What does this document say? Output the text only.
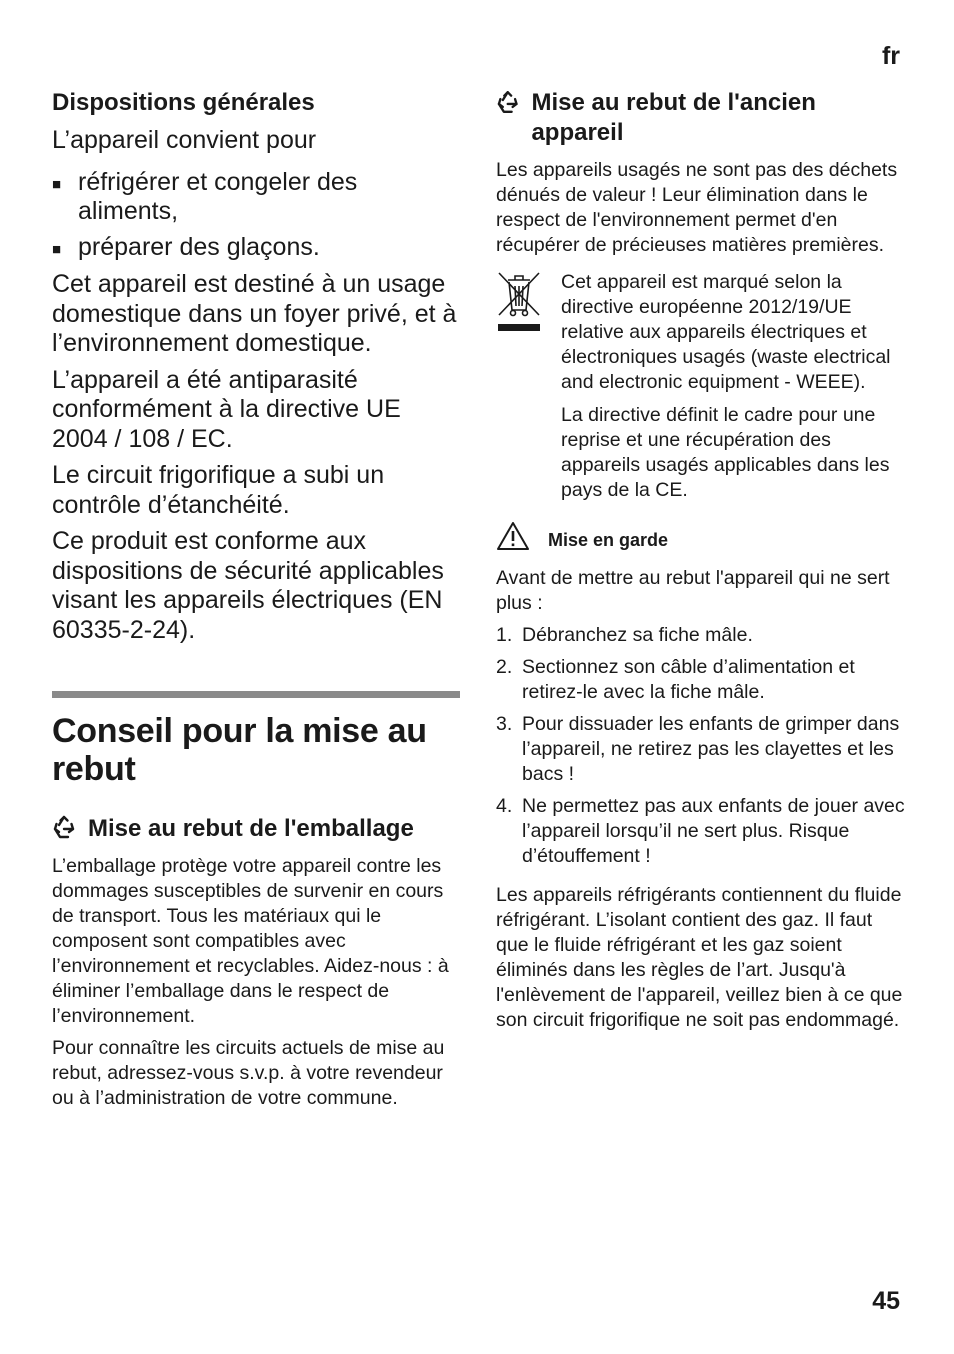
fr
Dispositions générales

L’appareil convient pour

■ réfrigérer et congeler des aliments,
■ préparer des glaçons.

Cet appareil est destiné à un usage domestique dans un foyer privé, et à l’environnement domestique.

L’appareil a été antiparasité conformément à la directive UE 2004 / 108 / EC.

Le circuit frigorifique a subi un contrôle d’étanchéité.

Ce produit est conforme aux dispositions de sécurité applicables visant les appareils électriques (EN 60335-2-24).

Conseil pour la mise au rebut
Mise au rebut de l'emballage

L’emballage protège votre appareil contre les dommages susceptibles de survenir en cours de transport. Tous les matériaux qui le composent sont compatibles avec l’environnement et recyclables. Aidez-nous : à éliminer l’emballage dans le respect de l’environnement.

Pour connaître les circuits actuels de mise au rebut, adressez-vous s.v.p. à votre revendeur ou à l’administration de votre commune.

Mise au rebut de l'ancien appareil

Les appareils usagés ne sont pas des déchets dénués de valeur ! Leur élimination dans le respect de l'environnement permet d'en récupérer de précieuses matières premières.

Cet appareil est marqué selon la directive européenne 2012/19/UE relative aux appareils électriques et électroniques usagés (waste electrical and electronic equipment - WEEE).

La directive définit le cadre pour une reprise et une récupération des appareils usagés applicables dans les pays de la CE.

Mise en garde

Avant de mettre au rebut l'appareil qui ne sert plus :

1. Débranchez sa fiche mâle.
2. Sectionnez son câble d’alimentation et retirez-le avec la fiche mâle.
3. Pour dissuader les enfants de grimper dans l’appareil, ne retirez pas les clayettes et les bacs !
4. Ne permettez pas aux enfants de jouer avec l’appareil lorsqu’il ne sert plus. Risque d’étouffement !

Les appareils réfrigérants contiennent du fluide réfrigérant. L’isolant contient des gaz. Il faut que le fluide réfrigérant et les gaz soient éliminés dans les règles de l’art. Jusqu'à l'enlèvement de l'appareil, veillez bien à ce que son circuit frigorifique ne soit pas endommagé.

45
